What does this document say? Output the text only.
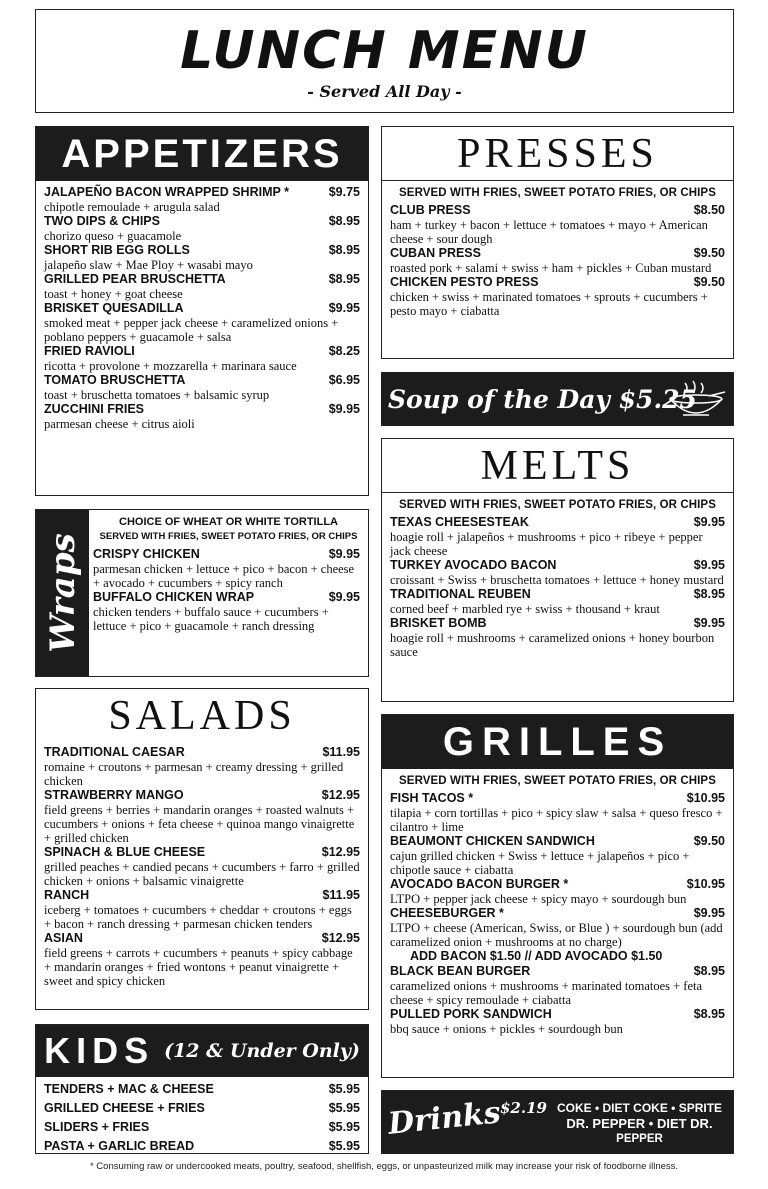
LUNCH MENU
- Served All Day -
APPETIZERS
JALAPEÑO BACON WRAPPED SHRIMP *	$9.75
chipotle remoulade + arugula salad
TWO DIPS & CHIPS	$8.95
chorizo queso + guacamole
SHORT RIB EGG ROLLS	$8.95
jalapeño slaw + Mae Ploy + wasabi mayo
GRILLED PEAR BRUSCHETTA	$8.95
toast + honey + goat cheese
BRISKET QUESADILLA	$9.95
smoked meat + pepper jack cheese + caramelized onions + poblano peppers + guacamole + salsa
FRIED RAVIOLI	$8.25
ricotta + provolone + mozzarella + marinara sauce
TOMATO BRUSCHETTA	$6.95
toast + bruschetta tomatoes + balsamic syrup
ZUCCHINI FRIES	$9.95
parmesan cheese + citrus aioli
Wraps
CHOICE OF WHEAT OR WHITE TORTILLA
SERVED WITH FRIES, SWEET POTATO FRIES, OR CHIPS
CRISPY CHICKEN	$9.95
parmesan chicken + lettuce + pico + bacon + cheese + avocado + cucumbers + spicy ranch
BUFFALO CHICKEN WRAP	$9.95
chicken tenders + buffalo sauce + cucumbers + lettuce + pico + guacamole + ranch dressing
SALADS
TRADITIONAL CAESAR	$11.95
romaine + croutons + parmesan + creamy dressing + grilled chicken
STRAWBERRY MANGO	$12.95
field greens + berries + mandarin oranges + roasted walnuts + cucumbers + onions + feta cheese + quinoa mango vinaigrette + grilled chicken
SPINACH & BLUE CHEESE	$12.95
grilled peaches + candied pecans + cucumbers + farro + grilled chicken + onions + balsamic vinaigrette
RANCH	$11.95
iceberg + tomatoes + cucumbers + cheddar + croutons + eggs + bacon + ranch dressing + parmesan chicken tenders
ASIAN	$12.95
field greens + carrots + cucumbers + peanuts + spicy cabbage + mandarin oranges + fried wontons + peanut vinaigrette + sweet and spicy chicken
KIDS (12 & Under Only)
TENDERS + MAC & CHEESE	$5.95
GRILLED CHEESE + FRIES	$5.95
SLIDERS + FRIES	$5.95
PASTA + GARLIC BREAD	$5.95
PRESSES
SERVED WITH FRIES, SWEET POTATO FRIES, OR CHIPS
CLUB PRESS	$8.50
ham + turkey + bacon + lettuce + tomatoes + mayo + American cheese + sour dough
CUBAN PRESS	$9.50
roasted pork + salami + swiss + ham + pickles + Cuban mustard
CHICKEN PESTO PRESS	$9.50
chicken + swiss + marinated tomatoes + sprouts + cucumbers + pesto mayo + ciabatta
Soup of the Day $5.25
MELTS
SERVED WITH FRIES, SWEET POTATO FRIES, OR CHIPS
TEXAS CHEESESTEAK	$9.95
hoagie roll + jalapeños + mushrooms + pico + ribeye + pepper jack cheese
TURKEY AVOCADO BACON	$9.95
croissant + Swiss + bruschetta tomatoes + lettuce + honey mustard
TRADITIONAL REUBEN	$8.95
corned beef + marbled rye + swiss + thousand + kraut
BRISKET BOMB	$9.95
hoagie roll + mushrooms + caramelized onions + honey bourbon sauce
GRILLES
SERVED WITH FRIES, SWEET POTATO FRIES, OR CHIPS
FISH TACOS *	$10.95
tilapia + corn tortillas + pico + spicy slaw + salsa + queso fresco + cilantro + lime
BEAUMONT CHICKEN SANDWICH	$9.50
cajun grilled chicken + Swiss + lettuce + jalapeños + pico + chipotle sauce + ciabatta
AVOCADO BACON BURGER *	$10.95
LTPO + pepper jack cheese + spicy mayo + sourdough bun
CHEESEBURGER *	$9.95
LTPO + cheese (American, Swiss, or Blue ) + sourdough bun (add caramelized onion + mushrooms at no charge)
ADD BACON $1.50 // ADD AVOCADO $1.50
BLACK BEAN BURGER	$8.95
caramelized onions + mushrooms + marinated tomatoes + feta cheese + spicy remoulade + ciabatta
PULLED PORK SANDWICH	$8.95
bbq sauce + onions + pickles + sourdough bun
Drinks
$2.19 COKE • DIET COKE • SPRITE
DR. PEPPER • DIET DR.
PEPPER
* Consuming raw or undercooked meats, poultry, seafood, shellfish, eggs, or unpasteurized milk may increase your risk of foodborne illness.
